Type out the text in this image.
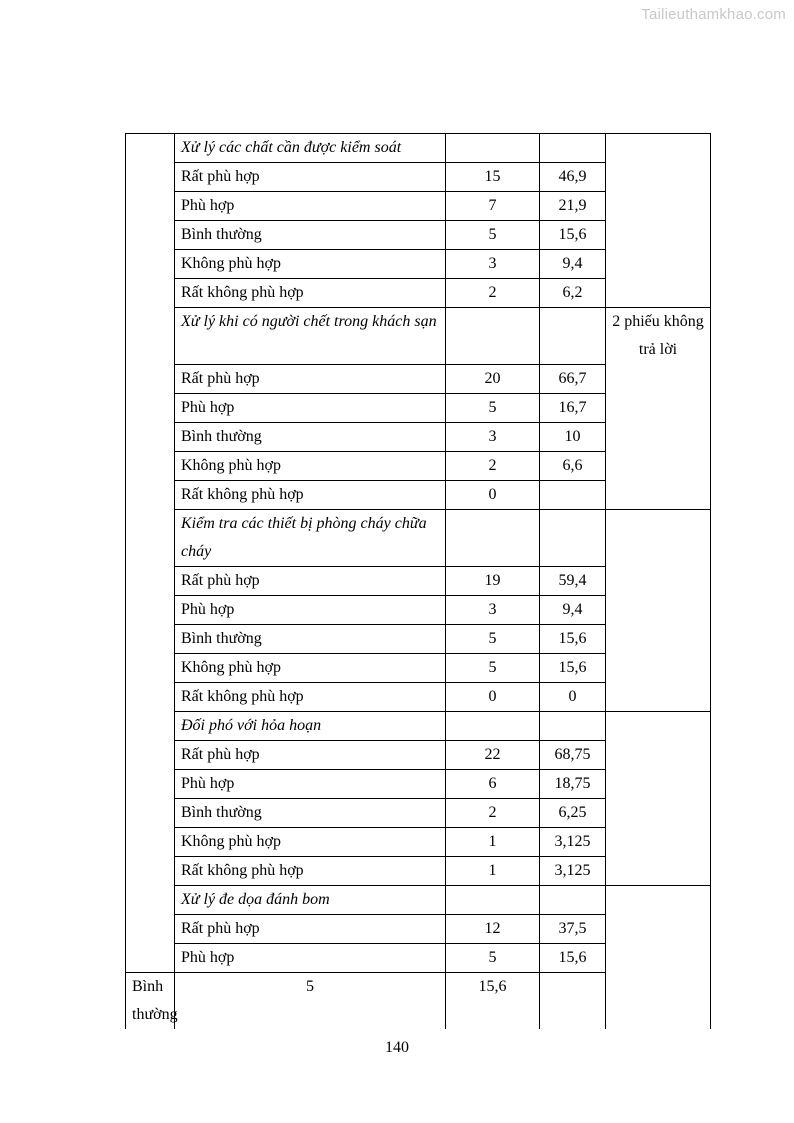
Tailieuthamkhao.com
	Xử lý các chất cần được kiểm soát			
	Rất phù hợp	15	46,9	
	Phù hợp	7	21,9	
	Bình thường	5	15,6	
	Không phù hợp	3	9,4	
	Rất không phù hợp	2	6,2	
	Xử lý khi có người chết trong khách sạn			2 phiếu không trả lời
	Rất phù hợp	20	66,7	
	Phù hợp	5	16,7	
	Bình thường	3	10	
	Không phù hợp	2	6,6	
	Rất không phù hợp	0		
	Kiểm tra các thiết bị phòng cháy chữa cháy			
	Rất phù hợp	19	59,4	
	Phù hợp	3	9,4	
	Bình thường	5	15,6	
	Không phù hợp	5	15,6	
	Rất không phù hợp	0	0	
	Đối phó với hỏa hoạn			
	Rất phù hợp	22	68,75	
	Phù hợp	6	18,75	
	Bình thường	2	6,25	
	Không phù hợp	1	3,125	
	Rất không phù hợp	1	3,125	
	Xử lý đe dọa đánh bom			
	Rất phù hợp	12	37,5	
	Phù hợp	5	15,6	
Bình thường	5	15,6		
140
